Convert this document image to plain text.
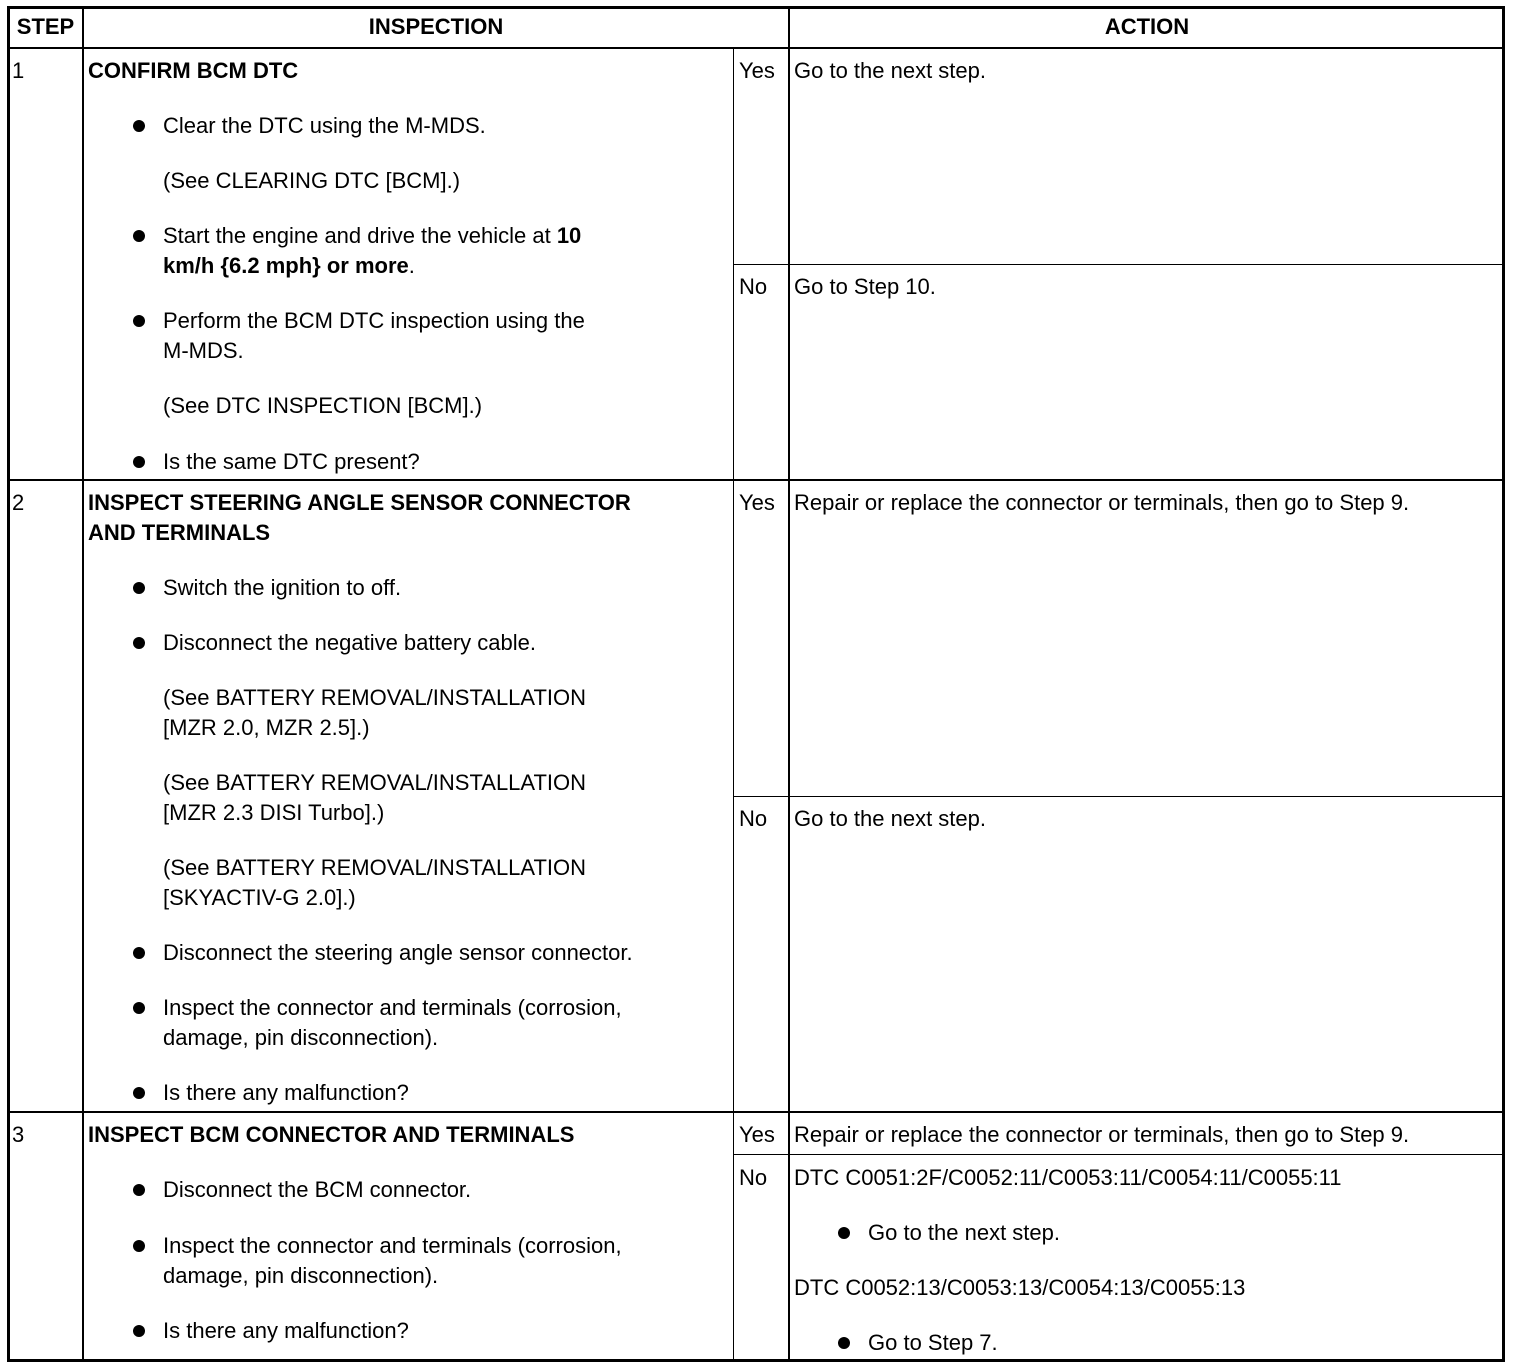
STEP	INSPECTION	ACTION
1	CONFIRM BCM DTC
Clear the DTC using the M-MDS.
(See CLEARING DTC [BCM].)
Start the engine and drive the vehicle at 10
km/h {6.2 mph} or more.
Perform the BCM DTC inspection using the
M-MDS.
(See DTC INSPECTION [BCM].)
Is the same DTC present?
Yes Go to the next step.
No Go to Step 10.
2	INSPECT STEERING ANGLE SENSOR CONNECTOR
AND TERMINALS
Switch the ignition to off.
Disconnect the negative battery cable.
(See BATTERY REMOVAL/INSTALLATION
[MZR 2.0, MZR 2.5].)
(See BATTERY REMOVAL/INSTALLATION
[MZR 2.3 DISI Turbo].)
(See BATTERY REMOVAL/INSTALLATION
[SKYACTIV-G 2.0].)
Disconnect the steering angle sensor connector.
Inspect the connector and terminals (corrosion,
damage, pin disconnection).
Is there any malfunction?
Yes Repair or replace the connector or terminals, then go to Step 9.
No Go to the next step.
3	INSPECT BCM CONNECTOR AND TERMINALS
Disconnect the BCM connector.
Inspect the connector and terminals (corrosion,
damage, pin disconnection).
Is there any malfunction?
Yes Repair or replace the connector or terminals, then go to Step 9.
No DTC C0051:2F/C0052:11/C0053:11/C0054:11/C0055:11
Go to the next step.
DTC C0052:13/C0053:13/C0054:13/C0055:13
Go to Step 7.
